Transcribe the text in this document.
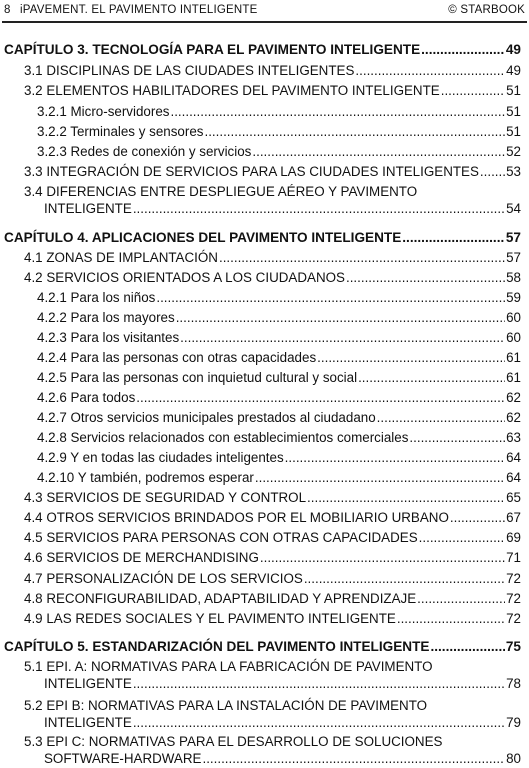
8 iPAVEMENT. EL PAVIMENTO INTELIGENTE	© STARBOOK
CAPÍTULO 3. TECNOLOGÍA PARA EL PAVIMENTO INTELIGENTE .....	49
3.1 DISCIPLINAS DE LAS CIUDADES INTELIGENTES .....	49
3.2 ELEMENTOS HABILITADORES DEL PAVIMENTO INTELIGENTE .....	51
3.2.1 Micro-servidores .....	51
3.2.2 Terminales y sensores .....	51
3.2.3 Redes de conexión y servicios .....	52
3.3 INTEGRACIÓN DE SERVICIOS PARA LAS CIUDADES INTELIGENTES ..... 53
3.4 DIFERENCIAS ENTRE DESPLIEGUE AÉREO Y PAVIMENTO
INTELIGENTE .....	54
CAPÍTULO 4. APLICACIONES DEL PAVIMENTO INTELIGENTE .....	57
4.1 ZONAS DE IMPLANTACIÓN .....	57
4.2 SERVICIOS ORIENTADOS A LOS CIUDADANOS .....	58
4.2.1 Para los niños .....	59
4.2.2 Para los mayores .....	60
4.2.3 Para los visitantes .....	60
4.2.4 Para las personas con otras capacidades .....	61
4.2.5 Para las personas con inquietud cultural y social .....	61
4.2.6 Para todos .....	62
4.2.7 Otros servicios municipales prestados al ciudadano .....	62
4.2.8 Servicios relacionados con establecimientos comerciales .....	63
4.2.9 Y en todas las ciudades inteligentes .....	64
4.2.10 Y también, podremos esperar .....	64
4.3 SERVICIOS DE SEGURIDAD Y CONTROL .....	65
4.4 OTROS SERVICIOS BRINDADOS POR EL MOBILIARIO URBANO .....	67
4.5 SERVICIOS PARA PERSONAS CON OTRAS CAPACIDADES .....	69
4.6 SERVICIOS DE MERCHANDISING .....	71
4.7 PERSONALIZACIÓN DE LOS SERVICIOS .....	72
4.8 RECONFIGURABILIDAD, ADAPTABILIDAD Y APRENDIZAJE .....	72
4.9 LAS REDES SOCIALES Y EL PAVIMENTO INTELIGENTE .....	72
CAPÍTULO 5. ESTANDARIZACIÓN DEL PAVIMENTO INTELIGENTE .....	75
5.1 EPI. A: NORMATIVAS PARA LA FABRICACIÓN DE PAVIMENTO
INTELIGENTE .....	78
5.2 EPI B: NORMATIVAS PARA LA INSTALACIÓN DE PAVIMENTO
INTELIGENTE .....	79
5.3 EPI C: NORMATIVAS PARA EL DESARROLLO DE SOLUCIONES
SOFTWARE-HARDWARE .....	80
